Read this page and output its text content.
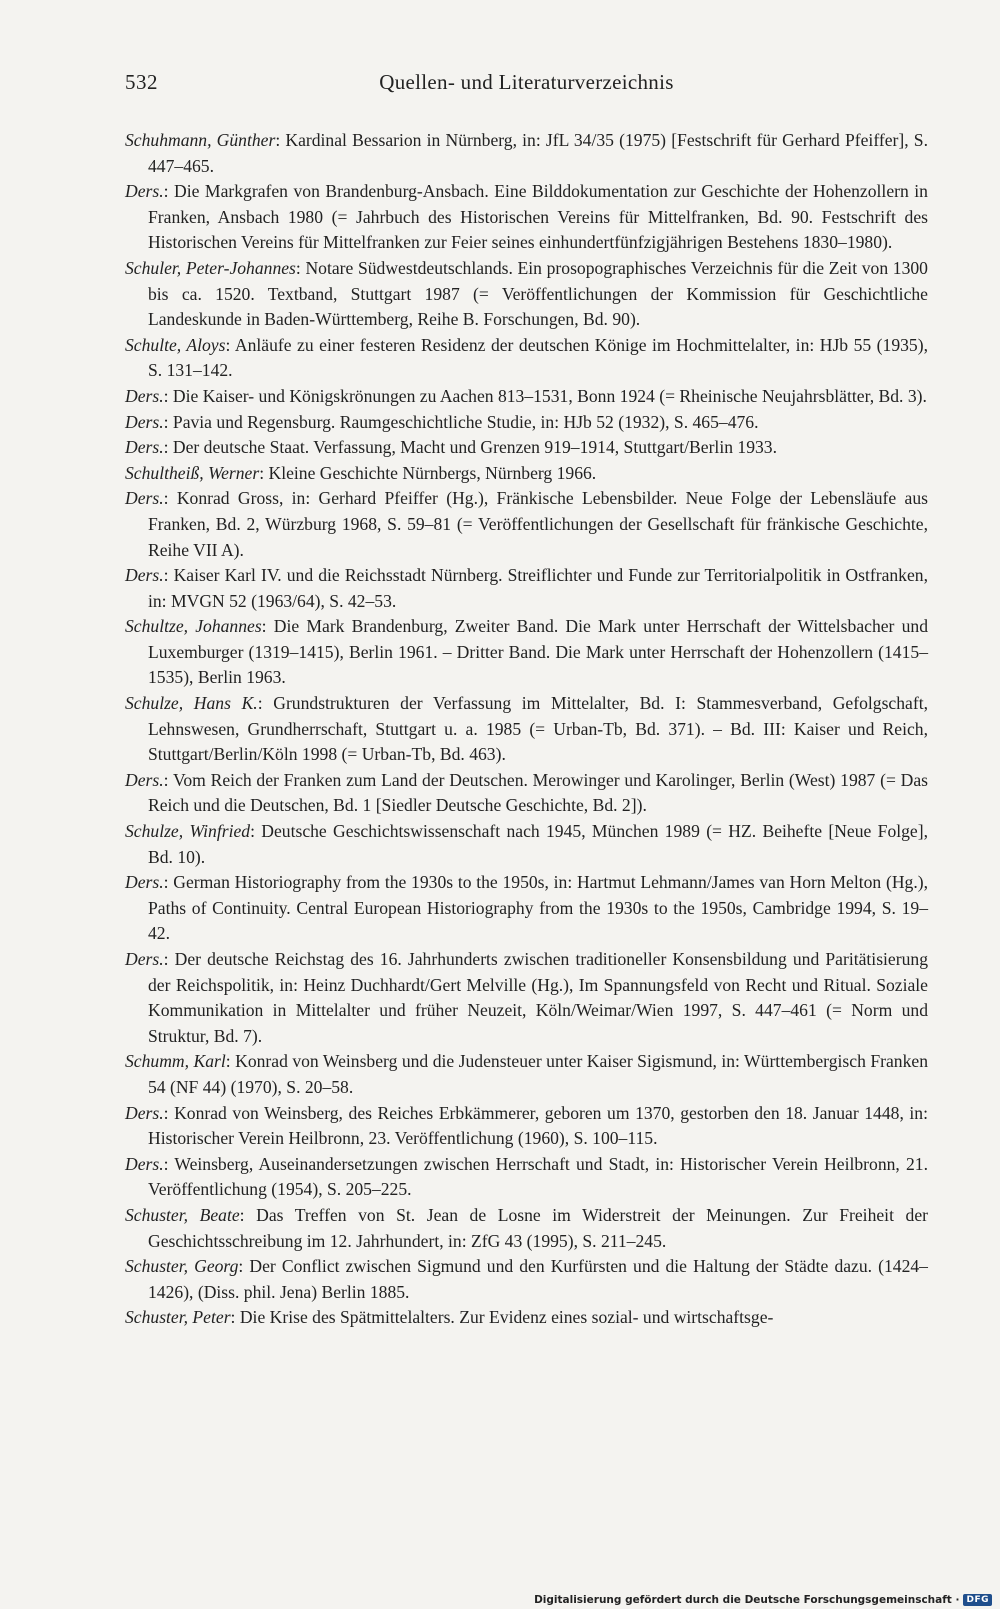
532	Quellen- und Literaturverzeichnis

Schuhmann, Günther: Kardinal Bessarion in Nürnberg, in: JfL 34/35 (1975) [Festschrift für Gerhard Pfeiffer], S. 447–465.

Ders.: Die Markgrafen von Brandenburg-Ansbach. Eine Bilddokumentation zur Geschichte der Hohenzollern in Franken, Ansbach 1980 (= Jahrbuch des Historischen Vereins für Mittelfranken, Bd. 90. Festschrift des Historischen Vereins für Mittelfranken zur Feier seines einhundertfünfzigjährigen Bestehens 1830–1980).

Schuler, Peter-Johannes: Notare Südwestdeutschlands. Ein prosopographisches Verzeichnis für die Zeit von 1300 bis ca. 1520. Textband, Stuttgart 1987 (= Veröffentlichungen der Kommission für Geschichtliche Landeskunde in Baden-Württemberg, Reihe B. Forschungen, Bd. 90).

Schulte, Aloys: Anläufe zu einer festeren Residenz der deutschen Könige im Hochmittelalter, in: HJb 55 (1935), S. 131–142.

Ders.: Die Kaiser- und Königskrönungen zu Aachen 813–1531, Bonn 1924 (= Rheinische Neujahrsblätter, Bd. 3).

Ders.: Pavia und Regensburg. Raumgeschichtliche Studie, in: HJb 52 (1932), S. 465–476.

Ders.: Der deutsche Staat. Verfassung, Macht und Grenzen 919–1914, Stuttgart/Berlin 1933.

Schultheiß, Werner: Kleine Geschichte Nürnbergs, Nürnberg 1966.

Ders.: Konrad Gross, in: Gerhard Pfeiffer (Hg.), Fränkische Lebensbilder. Neue Folge der Lebensläufe aus Franken, Bd. 2, Würzburg 1968, S. 59–81 (= Veröffentlichungen der Gesellschaft für fränkische Geschichte, Reihe VII A).

Ders.: Kaiser Karl IV. und die Reichsstadt Nürnberg. Streiflichter und Funde zur Territorialpolitik in Ostfranken, in: MVGN 52 (1963/64), S. 42–53.

Schultze, Johannes: Die Mark Brandenburg, Zweiter Band. Die Mark unter Herrschaft der Wittelsbacher und Luxemburger (1319–1415), Berlin 1961. – Dritter Band. Die Mark unter Herrschaft der Hohenzollern (1415–1535), Berlin 1963.

Schulze, Hans K.: Grundstrukturen der Verfassung im Mittelalter, Bd. I: Stammesverband, Gefolgschaft, Lehnswesen, Grundherrschaft, Stuttgart u. a. 1985 (= Urban-Tb, Bd. 371). – Bd. III: Kaiser und Reich, Stuttgart/Berlin/Köln 1998 (= Urban-Tb, Bd. 463).

Ders.: Vom Reich der Franken zum Land der Deutschen. Merowinger und Karolinger, Berlin (West) 1987 (= Das Reich und die Deutschen, Bd. 1 [Siedler Deutsche Geschichte, Bd. 2]).

Schulze, Winfried: Deutsche Geschichtswissenschaft nach 1945, München 1989 (= HZ. Beihefte [Neue Folge], Bd. 10).

Ders.: German Historiography from the 1930s to the 1950s, in: Hartmut Lehmann/James van Horn Melton (Hg.), Paths of Continuity. Central European Historiography from the 1930s to the 1950s, Cambridge 1994, S. 19–42.

Ders.: Der deutsche Reichstag des 16. Jahrhunderts zwischen traditioneller Konsensbildung und Paritätisierung der Reichspolitik, in: Heinz Duchhardt/Gert Melville (Hg.), Im Spannungsfeld von Recht und Ritual. Soziale Kommunikation in Mittelalter und früher Neuzeit, Köln/Weimar/Wien 1997, S. 447–461 (= Norm und Struktur, Bd. 7).

Schumm, Karl: Konrad von Weinsberg und die Judensteuer unter Kaiser Sigismund, in: Württembergisch Franken 54 (NF 44) (1970), S. 20–58.

Ders.: Konrad von Weinsberg, des Reiches Erbkämmerer, geboren um 1370, gestorben den 18. Januar 1448, in: Historischer Verein Heilbronn, 23. Veröffentlichung (1960), S. 100–115.

Ders.: Weinsberg, Auseinandersetzungen zwischen Herrschaft und Stadt, in: Historischer Verein Heilbronn, 21. Veröffentlichung (1954), S. 205–225.

Schuster, Beate: Das Treffen von St. Jean de Losne im Widerstreit der Meinungen. Zur Freiheit der Geschichtsschreibung im 12. Jahrhundert, in: ZfG 43 (1995), S. 211–245.

Schuster, Georg: Der Conflict zwischen Sigmund und den Kurfürsten und die Haltung der Städte dazu. (1424–1426), (Diss. phil. Jena) Berlin 1885.

Schuster, Peter: Die Krise des Spätmittelalters. Zur Evidenz eines sozial- und wirtschaftsge-

Digitalisierung gefördert durch die Deutsche Forschungsgemeinschaft · DFG
